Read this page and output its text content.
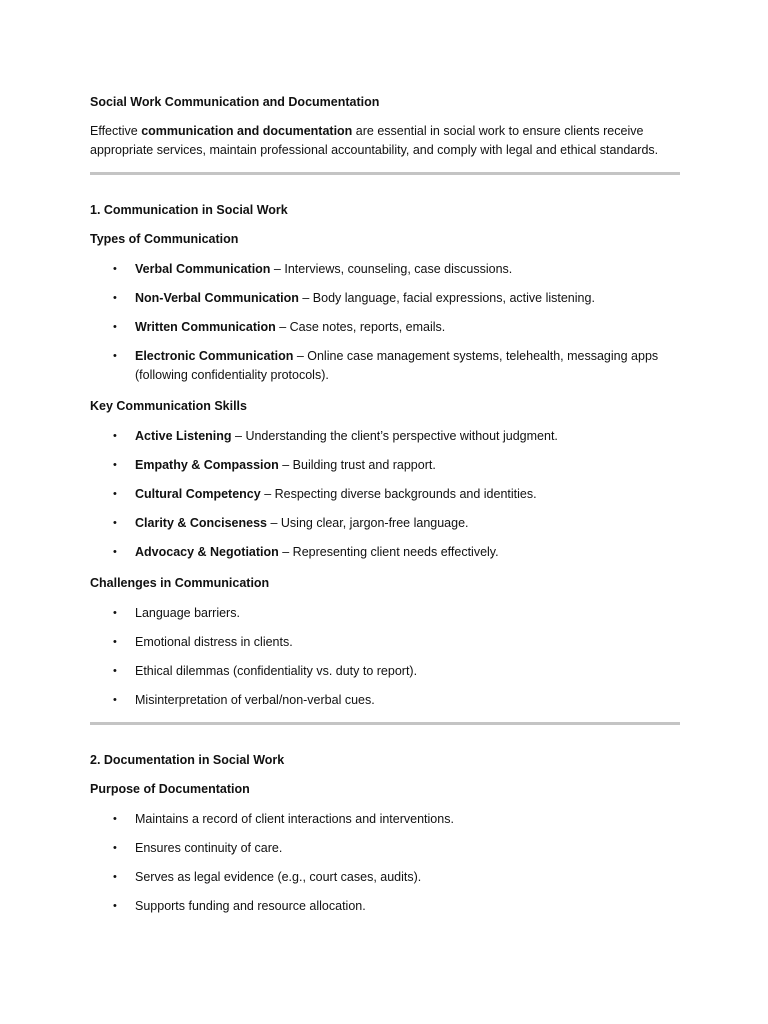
Social Work Communication and Documentation

Effective communication and documentation are essential in social work to ensure clients receive appropriate services, maintain professional accountability, and comply with legal and ethical standards.

1. Communication in Social Work

Types of Communication

• Verbal Communication – Interviews, counseling, case discussions.
• Non-Verbal Communication – Body language, facial expressions, active listening.
• Written Communication – Case notes, reports, emails.
• Electronic Communication – Online case management systems, telehealth, messaging apps (following confidentiality protocols).

Key Communication Skills

• Active Listening – Understanding the client’s perspective without judgment.
• Empathy & Compassion – Building trust and rapport.
• Cultural Competency – Respecting diverse backgrounds and identities.
• Clarity & Conciseness – Using clear, jargon-free language.
• Advocacy & Negotiation – Representing client needs effectively.

Challenges in Communication

• Language barriers.
• Emotional distress in clients.
• Ethical dilemmas (confidentiality vs. duty to report).
• Misinterpretation of verbal/non-verbal cues.

2. Documentation in Social Work

Purpose of Documentation

• Maintains a record of client interactions and interventions.
• Ensures continuity of care.
• Serves as legal evidence (e.g., court cases, audits).
• Supports funding and resource allocation.
